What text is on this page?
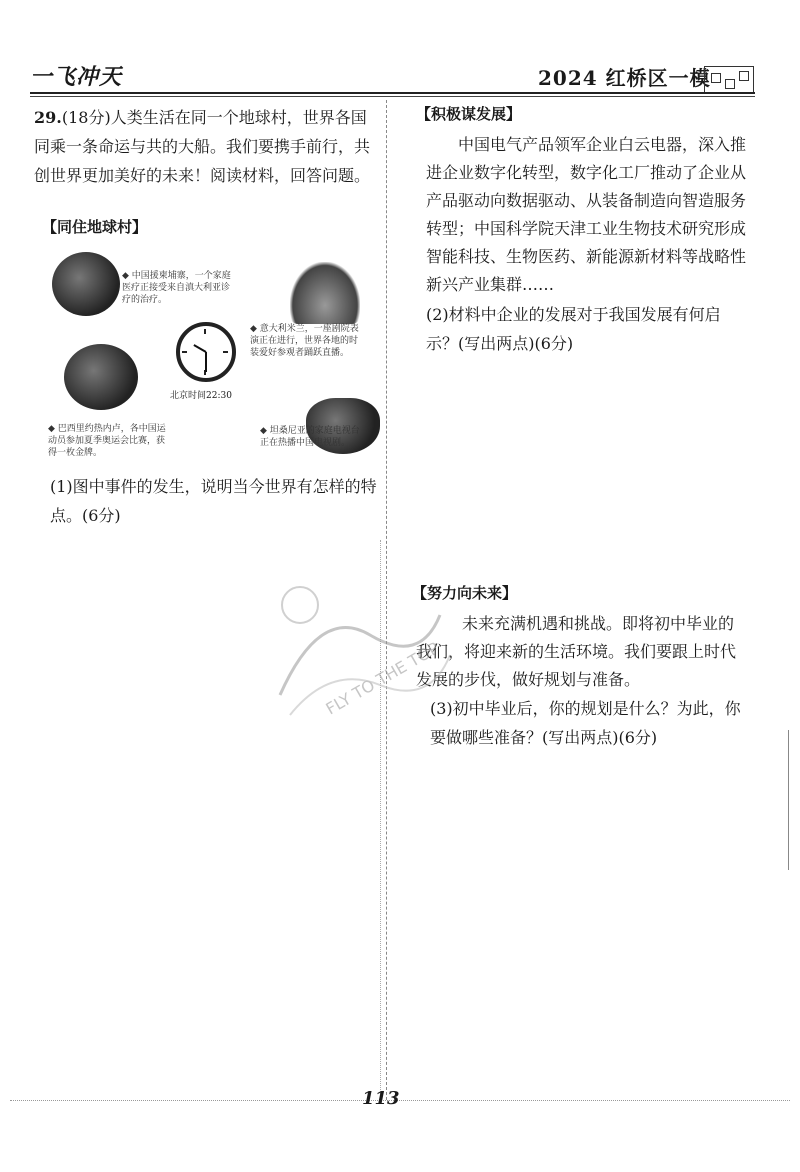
一飞冲天	2024 红桥区一模
29.(18分)人类生活在同一个地球村，世界各国同乘一条命运与共的大船。我们要携手前行，共创世界更加美好的未来！阅读材料，回答问题。
【同住地球村】
北京时间22:30
◆ 中国援柬埔寨，一个家庭医疗正接受来自滇大利亚诊疗的治疗。
◆ 意大利米兰，一座剧院表演正在进行，世界各地的时装爱好参观者踊跃直播。
◆ 巴西里约热内卢，各中国运动员参加夏季奥运会比赛，获得一枚金牌。
◆ 坦桑尼亚的家庭电视台正在热播中国电视剧。
(1)图中事件的发生，说明当今世界有怎样的特点。(6分)
【积极谋发展】
中国电气产品领军企业白云电器，深入推进企业数字化转型，数字化工厂推动了企业从产品驱动向数据驱动、从装备制造向智造服务转型；中国科学院天津工业生物技术研究形成智能科技、生物医药、新能源新材料等战略性新兴产业集群……
(2)材料中企业的发展对于我国发展有何启示？(写出两点)(6分)
【努力向未来】
未来充满机遇和挑战。即将初中毕业的我们，将迎来新的生活环境。我们要跟上时代发展的步伐，做好规划与准备。
(3)初中毕业后，你的规划是什么？为此，你要做哪些准备？(写出两点)(6分)
FLY TO THE TOP
113
